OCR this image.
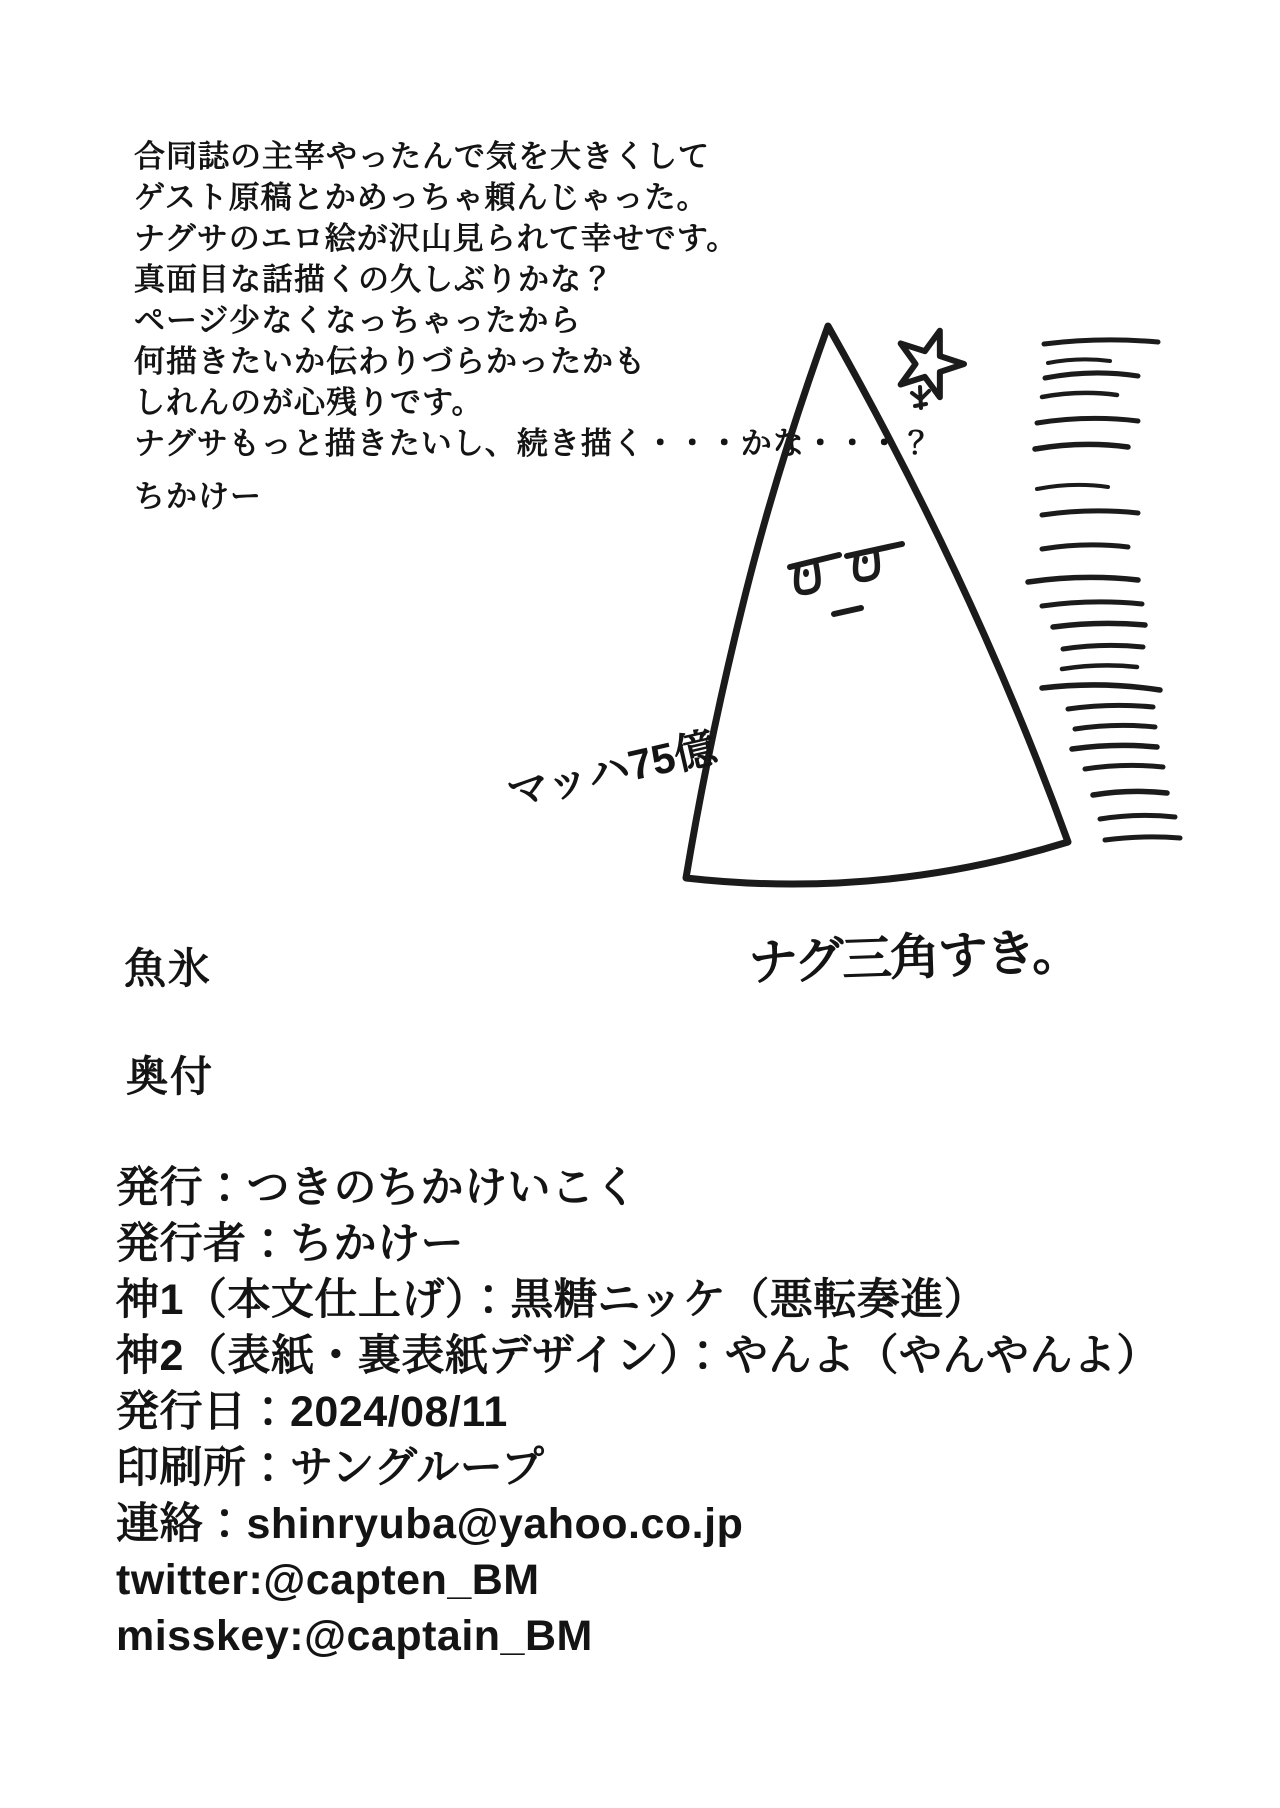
合同誌の主宰やったんで気を大きくして
ゲスト原稿とかめっちゃ頼んじゃった。
ナグサのエロ絵が沢山見られて幸せです。
真面目な話描くの久しぶりかな？
ページ少なくなっちゃったから
何描きたいか伝わりづらかったかも
しれんのが心残りです。
ナグサもっと描きたいし、続き描く・・・かな・・・？
ちかけー
マッハ75億
ナグ三角すき。
魚氷
奥付
発行：つきのちかけいこく
発行者：ちかけー
神1（本文仕上げ）：黒糖ニッケ（悪転奏進）
神2（表紙・裏表紙デザイン）：やんよ（やんやんよ）
発行日：2024/08/11
印刷所：サングループ
連絡：shinryuba@yahoo.co.jp
twitter:@capten_BM
misskey:@captain_BM
